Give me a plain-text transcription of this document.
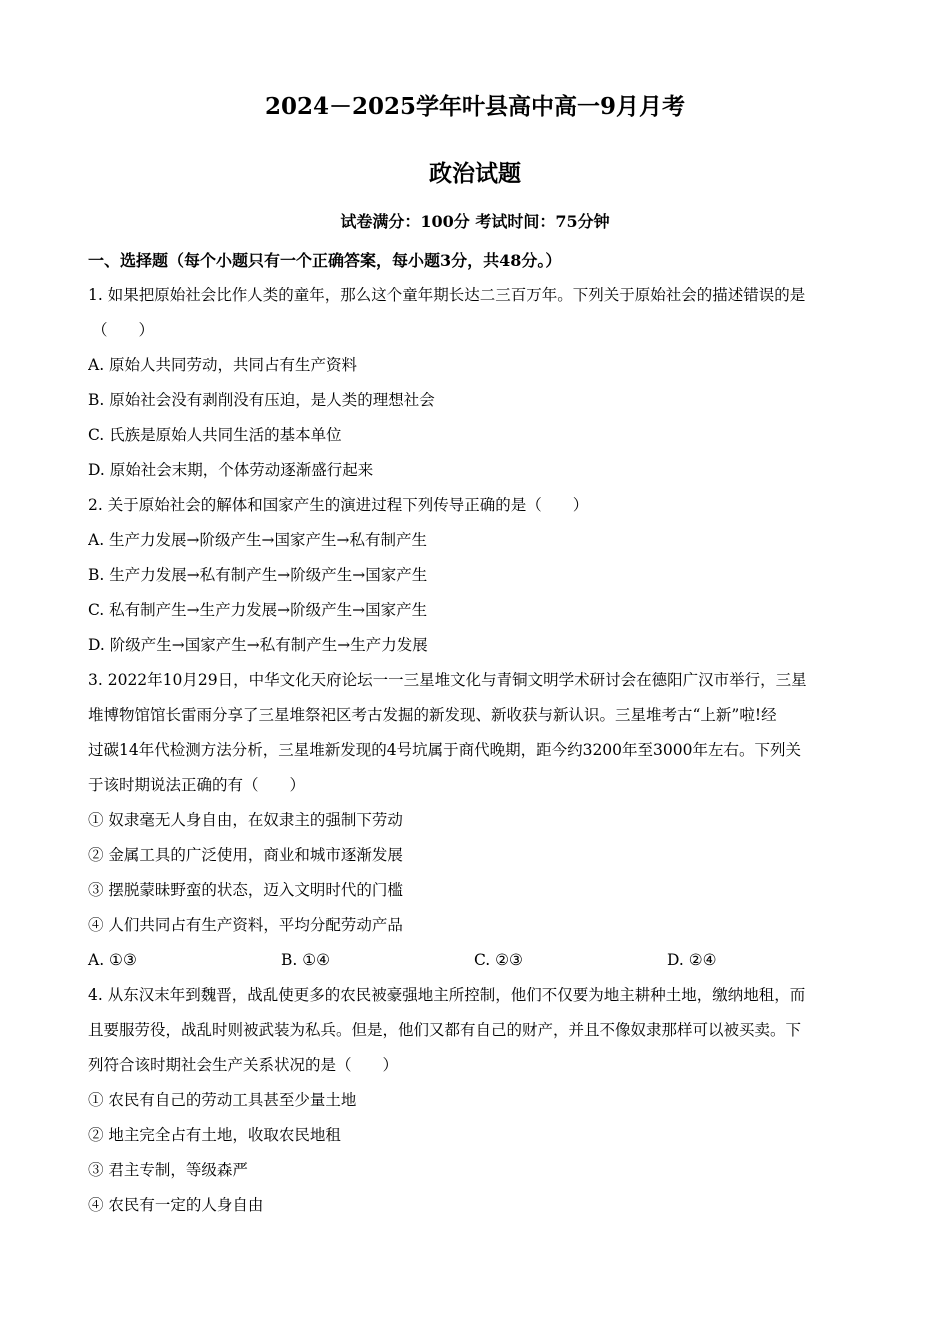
2024－2025学年叶县高中高一9月月考
政治试题
试卷满分：100分 考试时间：75分钟
一、选择题（每个小题只有一个正确答案，每小题3分，共48分。）
1. 如果把原始社会比作人类的童年，那么这个童年期长达二三百万年。下列关于原始社会的描述错误的是
（　　）
A. 原始人共同劳动，共同占有生产资料
B. 原始社会没有剥削没有压迫，是人类的理想社会
C. 氏族是原始人共同生活的基本单位
D. 原始社会末期，个体劳动逐渐盛行起来
2. 关于原始社会的解体和国家产生的演进过程下列传导正确的是（　　）
A. 生产力发展→阶级产生→国家产生→私有制产生
B. 生产力发展→私有制产生→阶级产生→国家产生
C. 私有制产生→生产力发展→阶级产生→国家产生
D. 阶级产生→国家产生→私有制产生→生产力发展
3. 2022年10月29日，中华文化天府论坛一一三星堆文化与青铜文明学术研讨会在德阳广汉市举行，三星
堆博物馆馆长雷雨分享了三星堆祭祀区考古发掘的新发现、新收获与新认识。三星堆考古“上新”啦!经
过碳14年代检测方法分析，三星堆新发现的4号坑属于商代晚期，距今约3200年至3000年左右。下列关
于该时期说法正确的有（　　）
① 奴隶毫无人身自由，在奴隶主的强制下劳动
② 金属工具的广泛使用，商业和城市逐渐发展
③ 摆脱蒙昧野蛮的状态，迈入文明时代的门槛
④ 人们共同占有生产资料，平均分配劳动产品
A. ①③	B. ①④	C. ②③	D. ②④
4. 从东汉末年到魏晋，战乱使更多的农民被豪强地主所控制，他们不仅要为地主耕种土地，缴纳地租，而
且要服劳役，战乱时则被武装为私兵。但是，他们又都有自己的财产，并且不像奴隶那样可以被买卖。下
列符合该时期社会生产关系状况的是（　　）
① 农民有自己的劳动工具甚至少量土地
② 地主完全占有土地，收取农民地租
③ 君主专制，等级森严
④ 农民有一定的人身自由
